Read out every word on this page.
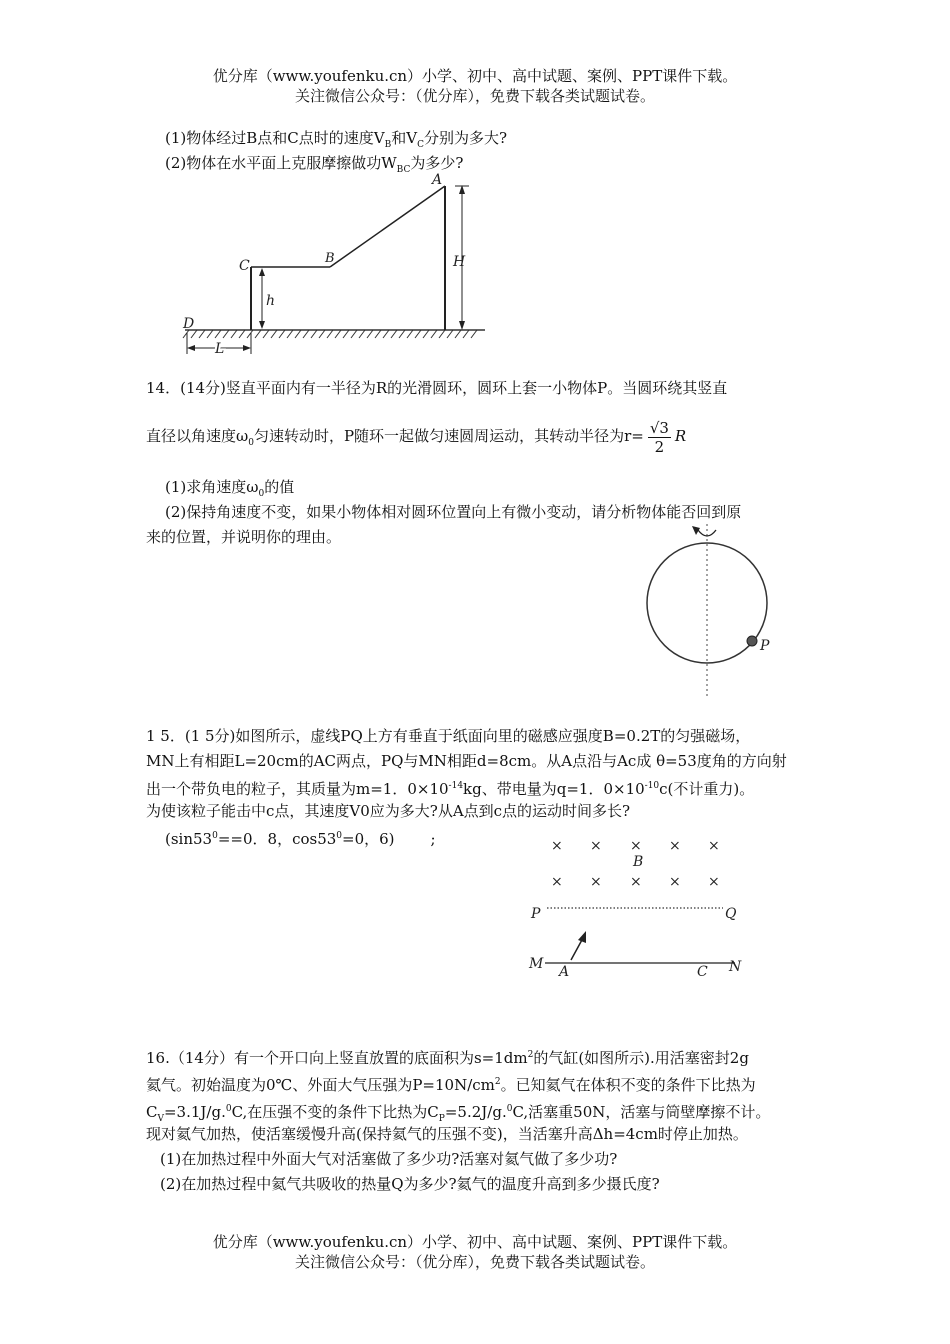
优分库（www.youfenku.cn）小学、初中、高中试题、案例、PPT课件下载。
关注微信公众号：（优分库），免费下载各类试题试卷。
(1)物体经过B点和C点时的速度$V_B$和$V_C$分别为多大?
(2)物体在水平面上克服摩擦做功$W_{BC}$为多少?
A
B
C
D
H
h
L
14．(14分)竖直平面内有一半径为R的光滑圆环，圆环上套一小物体P。当圆环绕其竖直
直径以角速度$\omega_0$匀速转动时，P随环一起做匀速圆周运动，其转动半径为$r= \frac{√3}{2}$ R
(1)求角速度$\omega_0$的值
(2)保持角速度不变，如果小物体相对圆环位置向上有微小变动，请分析物体能否回到原
来的位置，并说明你的理由。
P
1 5．(1 5分)如图所示，虚线PQ上方有垂直于纸面向里的磁感应强度B=0.2T的匀强磁场，
MN上有相距L=20cm的AC两点，PQ与MN相距d=8cm。从A点沿与Ac成 θ=53度角的方向射
出一个带负电的粒子，其质量为m=1．$0\times 10^{-14}kg$、带电量为q=1．$0\times 10^{-10}c$(不计重力)。
为使该粒子能击中c点，其速度V0应为多大?从A点到c点的运动时间多长?
($\sin 53^0==0$．8，$\cos 53^0=0$，6) ;	× × × × ×
× × × × ×
B
P	Q
M A	C N
16.（14分）有一个开口向上竖直放置的底面积为$s=1dm^2$的气缸(如图所示).用活塞密封2g
氦气。初始温度为0℃、外面大气压强为$P=10N/cm^2$。已知氦气在体积不变的条件下比热为
$C_V=3.1J/g.^0C$,在压强不变的条件下比热为$C_P=5.2J/g.^0C$,活塞重50N，活塞与筒壁摩擦不计。
现对氦气加热，使活塞缓慢升高(保持氦气的压强不变)，当活塞升高Δh=4cm时停止加热。
(1)在加热过程中外面大气对活塞做了多少功?活塞对氦气做了多少功?
(2)在加热过程中氦气共吸收的热量Q为多少?氦气的温度升高到多少摄氏度?
优分库（www.youfenku.cn）小学、初中、高中试题、案例、PPT课件下载。
关注微信公众号：（优分库），免费下载各类试题试卷。
